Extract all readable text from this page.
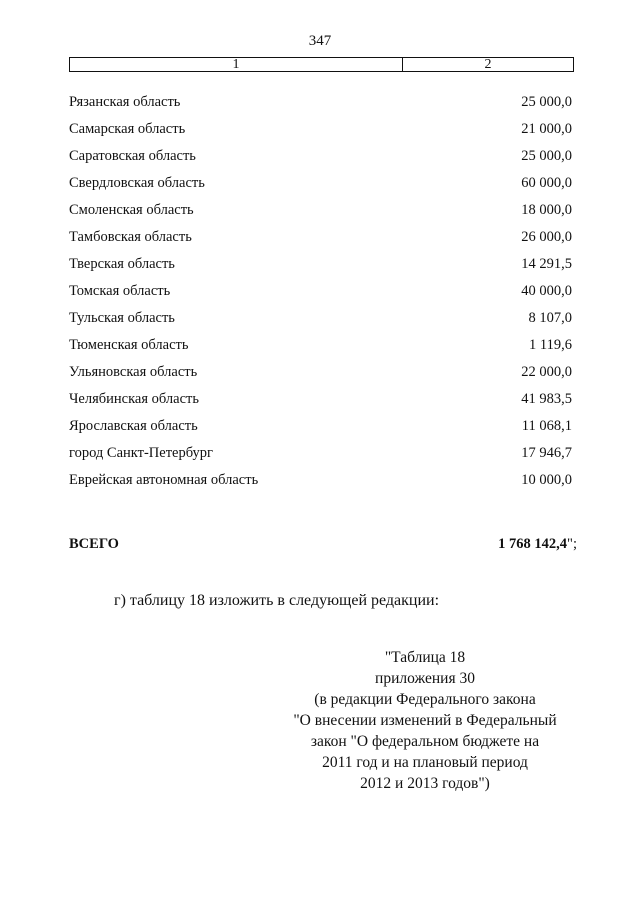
347
1	2
Рязанская область	25 000,0
Самарская область	21 000,0
Саратовская область	25 000,0
Свердловская область	60 000,0
Смоленская область	18 000,0
Тамбовская область	26 000,0
Тверская область	14 291,5
Томская область	40 000,0
Тульская область	8 107,0
Тюменская область	1 119,6
Ульяновская область	22 000,0
Челябинская область	41 983,5
Ярославская область	11 068,1
город Санкт-Петербург	17 946,7
Еврейская автономная область	10 000,0
ВСЕГО	1 768 142,4";
г) таблицу 18 изложить в следующей редакции:
"Таблица 18
приложения 30
(в редакции Федерального закона
"О внесении изменений в Федеральный
закон "О федеральном бюджете на
2011 год и на плановый период
2012 и 2013 годов")
